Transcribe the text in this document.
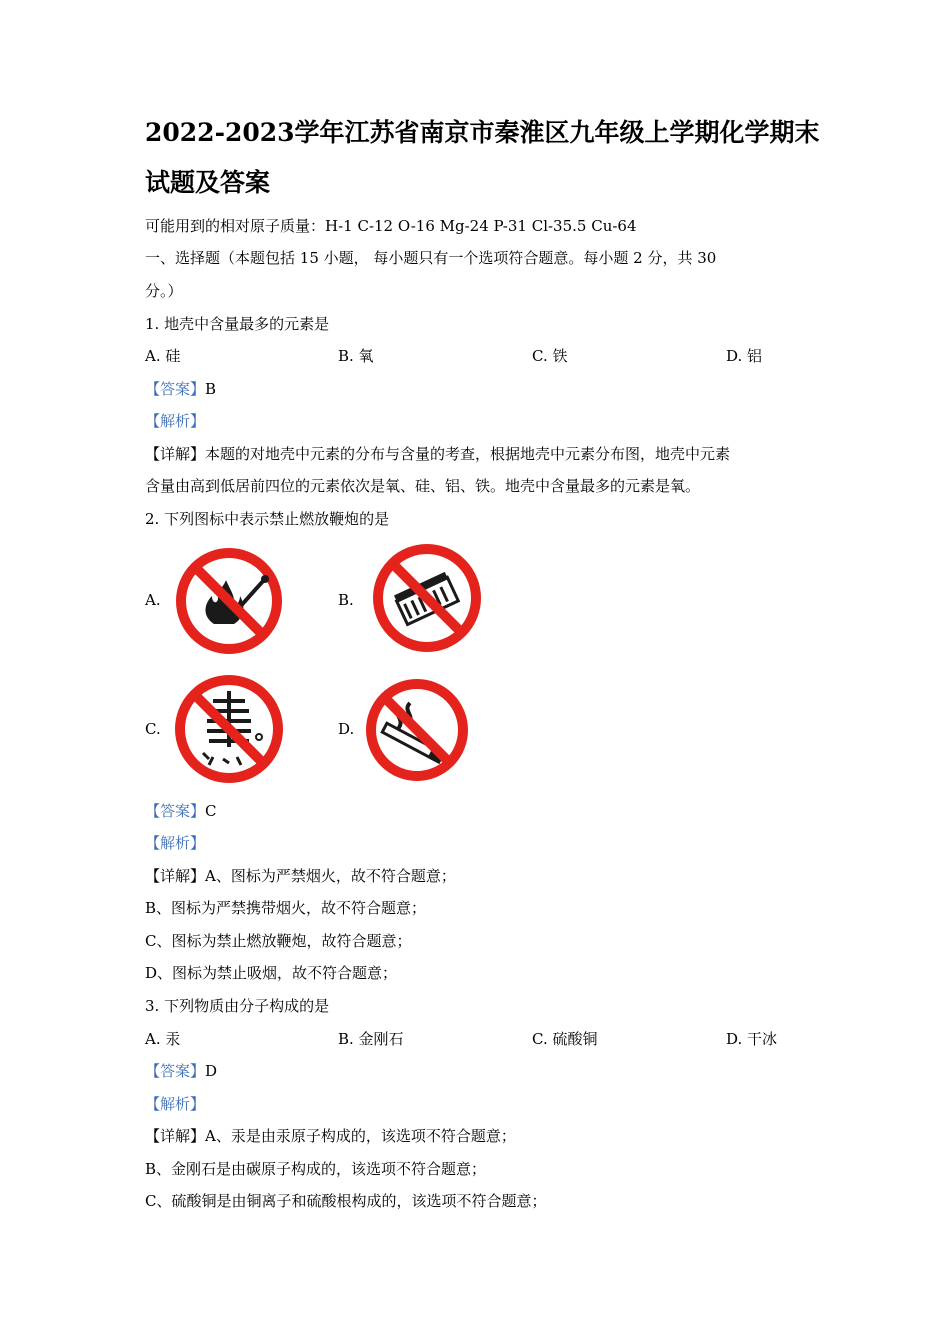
2022-2023学年江苏省南京市秦淮区九年级上学期化学期末
试题及答案
可能用到的相对原子质量：H-1 C-12 O-16 Mg-24 P-31 Cl-35.5 Cu-64
一、选择题（本题包括 15 小题， 每小题只有一个选项符合题意。每小题 2 分，共 30
分。）
1. 地壳中含量最多的元素是
A. 硅	B. 氧	C. 铁	D. 铝
【答案】B
【解析】
【详解】本题的对地壳中元素的分布与含量的考查，根据地壳中元素分布图，地壳中元素
含量由高到低居前四位的元素依次是氧、硅、铝、铁。地壳中含量最多的元素是氧。
2. 下列图标中表示禁止燃放鞭炮的是
A.	B.
C.	D.
【答案】C
【解析】
【详解】A、图标为严禁烟火，故不符合题意；
B、图标为严禁携带烟火，故不符合题意；
C、图标为禁止燃放鞭炮，故符合题意；
D、图标为禁止吸烟，故不符合题意；
3. 下列物质由分子构成的是
A. 汞	B. 金刚石	C. 硫酸铜	D. 干冰
【答案】D
【解析】
【详解】A、汞是由汞原子构成的，该选项不符合题意；
B、金刚石是由碳原子构成的，该选项不符合题意；
C、硫酸铜是由铜离子和硫酸根构成的，该选项不符合题意；
